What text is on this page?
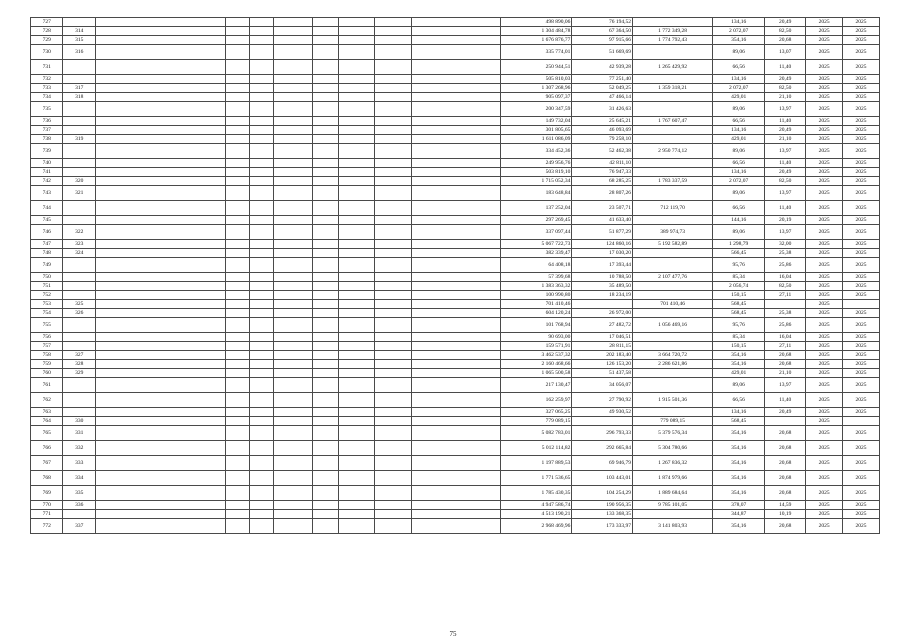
727										498 890,06	76 194,52		134,16	20,49	2025	2025
728	314									1 304 484,78	67 364,50	1 772 349,28	2 072,07	82,50	2025	2025
729	315									1 676 876,77	97 915,66	1 774 792,43	354,16	20,68	2025	2025
730	316									335 774,01	51 669,69		89,06	13,07	2025	2025
731										250 944,51	42 939,28	1 265 429,92	66,56	11,40	2025	2025
732										505 810,03	77 251,40		134,16	20,49	2025	2025
733	317									1 307 268,96	52 049,25	1 359 318,21	2 072,07	82,50	2025	2025
734	318									905 097,37	47 466,14		429,01	21,10	2025	2025
735										200 347,59	31 426,63		89,06	13,97	2025	2025
736										149 732,04	25 645,21	1 767 607,47	66,56	11,40	2025	2025
737										301 805,65	46 093,69		134,16	20,49	2025	2025
738	319									1 611 086,09	79 258,10		429,01	21,10	2025	2025
739										334 452,36	52 462,38	2 950 774,12	89,06	13,97	2025	2025
740										249 956,76	42 811,10		66,56	11,40	2025	2025
741										503 819,10	76 947,33		134,16	20,49	2025	2025
742	320									1 715 052,34	68 285,25	1 783 337,59	2 072,07	82,50	2025	2025
743	321									183 648,84	28 807,26		89,06	13,97	2025	2025
744										137 252,04	23 507,71	712 119,70	66,56	11,40	2025	2025
745										297 269,45	41 633,40		144,16	20,19	2025	2025
746	322									337 097,44	51 877,29	389 974,73	89,06	13,97	2025	2025
747	323									5 067 722,73	124 860,16	5 192 582,89	1 298,79	32,00	2025	2025
748	324									382 339,47	17 030,20		566,45	25,38	2025	2025
749										64 408,18	17 393,44		95,76	25,86	2025	2025
750										57 399,68	10 788,50	2 107 477,76	85,34	16,04	2025	2025
751										1 383 363,32	35 489,50		2 056,74	82,50	2025	2025
752										100 990,80	18 234,19		150,15	27,11	2025	2025
753	325									701 410,46		701 410,46	568,45		2025	
754	326									604 120,24	26 972,00		568,45	25,38	2025	2025
755										101 768,94	27 482,72	1 056 469,16	95,76	25,86	2025	2025
756										90 693,00	17 046,51		85,34	16,04	2025	2025
757										159 571,91	28 811,15		150,15	27,11	2025	2025
758	327									3 462 537,32	202 183,40	3 664 720,72	354,16	20,68	2025	2025
759	328									2 160 468,66	126 153,20	2 286 621,86	354,16	20,68	2025	2025
760	329									1 065 500,58	51 437,58		429,01	21,10	2025	2025
761										217 130,47	34 056,07		89,06	13,97	2025	2025
762										162 259,97	27 790,92	1 915 501,36	66,56	11,40	2025	2025
763										327 065,25	49 930,52		134,16	20,49	2025	2025
764	330									779 089,15		779 089,15	568,45		2025	
765	331									5 082 783,01	296 793,33	5 379 576,34	354,16	20,68	2025	2025
766	332									5 012 114,82	292 665,84	5 304 780,66	354,16	20,68	2025	2025
767	333									1 197 889,53	69 946,79	1 267 836,32	354,16	20,68	2025	2025
768	334									1 771 536,65	103 443,01	1 874 979,66	354,16	20,68	2025	2025
769	335									1 785 430,35	104 254,29	1 889 684,64	354,16	20,68	2025	2025
770	336									4 947 586,74	190 956,35	9 785 101,05	378,07	14,59	2025	2025
771										4 513 190,21	133 368,35		344,87	10,19	2025	2025
772	337									2 968 469,96	173 333,97	3 141 803,93	354,16	20,68	2025	2025
75
